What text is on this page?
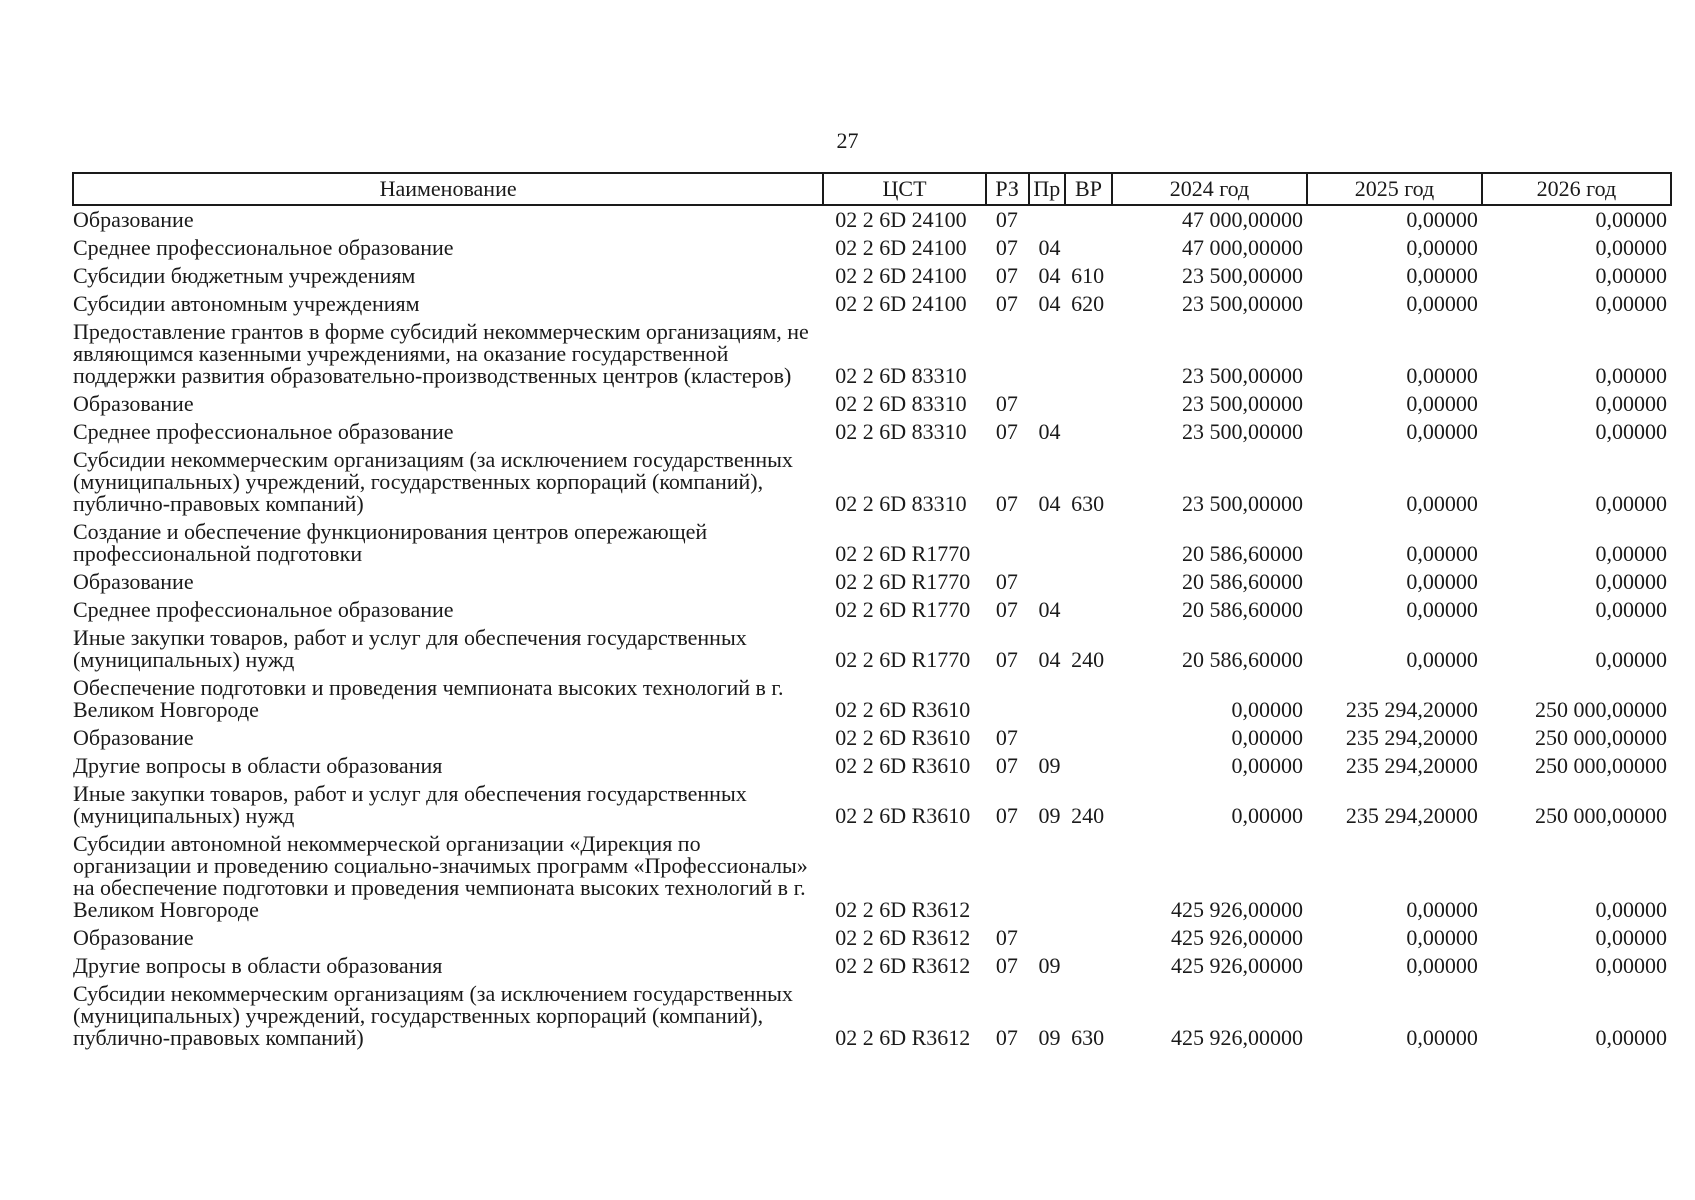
27
Наименование	ЦСТ	РЗ	Пр	ВР	2024 год	2025 год	2026 год
Образование	02 2 6D 24100	07			47 000,00000	0,00000	0,00000
Среднее профессиональное образование	02 2 6D 24100	07	04		47 000,00000	0,00000	0,00000
Субсидии бюджетным учреждениям	02 2 6D 24100	07	04	610	23 500,00000	0,00000	0,00000
Субсидии автономным учреждениям	02 2 6D 24100	07	04	620	23 500,00000	0,00000	0,00000
Предоставление грантов в форме субсидий некоммерческим организациям, не являющимся казенными учреждениями, на оказание государственной поддержки развития образовательно-производственных центров (кластеров)	02 2 6D 83310				23 500,00000	0,00000	0,00000
Образование	02 2 6D 83310	07			23 500,00000	0,00000	0,00000
Среднее профессиональное образование	02 2 6D 83310	07	04		23 500,00000	0,00000	0,00000
Субсидии некоммерческим организациям (за исключением государственных (муниципальных) учреждений, государственных корпораций (компаний), публично-правовых компаний)	02 2 6D 83310	07	04	630	23 500,00000	0,00000	0,00000
Создание и обеспечение функционирования центров опережающей профессиональной подготовки	02 2 6D R1770				20 586,60000	0,00000	0,00000
Образование	02 2 6D R1770	07			20 586,60000	0,00000	0,00000
Среднее профессиональное образование	02 2 6D R1770	07	04		20 586,60000	0,00000	0,00000
Иные закупки товаров, работ и услуг для обеспечения государственных (муниципальных) нужд	02 2 6D R1770	07	04	240	20 586,60000	0,00000	0,00000
Обеспечение подготовки и проведения чемпионата высоких технологий в г. Великом Новгороде	02 2 6D R3610				0,00000	235 294,20000	250 000,00000
Образование	02 2 6D R3610	07			0,00000	235 294,20000	250 000,00000
Другие вопросы в области образования	02 2 6D R3610	07	09		0,00000	235 294,20000	250 000,00000
Иные закупки товаров, работ и услуг для обеспечения государственных (муниципальных) нужд	02 2 6D R3610	07	09	240	0,00000	235 294,20000	250 000,00000
Субсидии автономной некоммерческой организации «Дирекция по организации и проведению социально-значимых программ «Профессионалы» на обеспечение подготовки и проведения чемпионата высоких технологий в г. Великом Новгороде	02 2 6D R3612				425 926,00000	0,00000	0,00000
Образование	02 2 6D R3612	07			425 926,00000	0,00000	0,00000
Другие вопросы в области образования	02 2 6D R3612	07	09		425 926,00000	0,00000	0,00000
Субсидии некоммерческим организациям (за исключением государственных (муниципальных) учреждений, государственных корпораций (компаний), публично-правовых компаний)	02 2 6D R3612	07	09	630	425 926,00000	0,00000	0,00000
